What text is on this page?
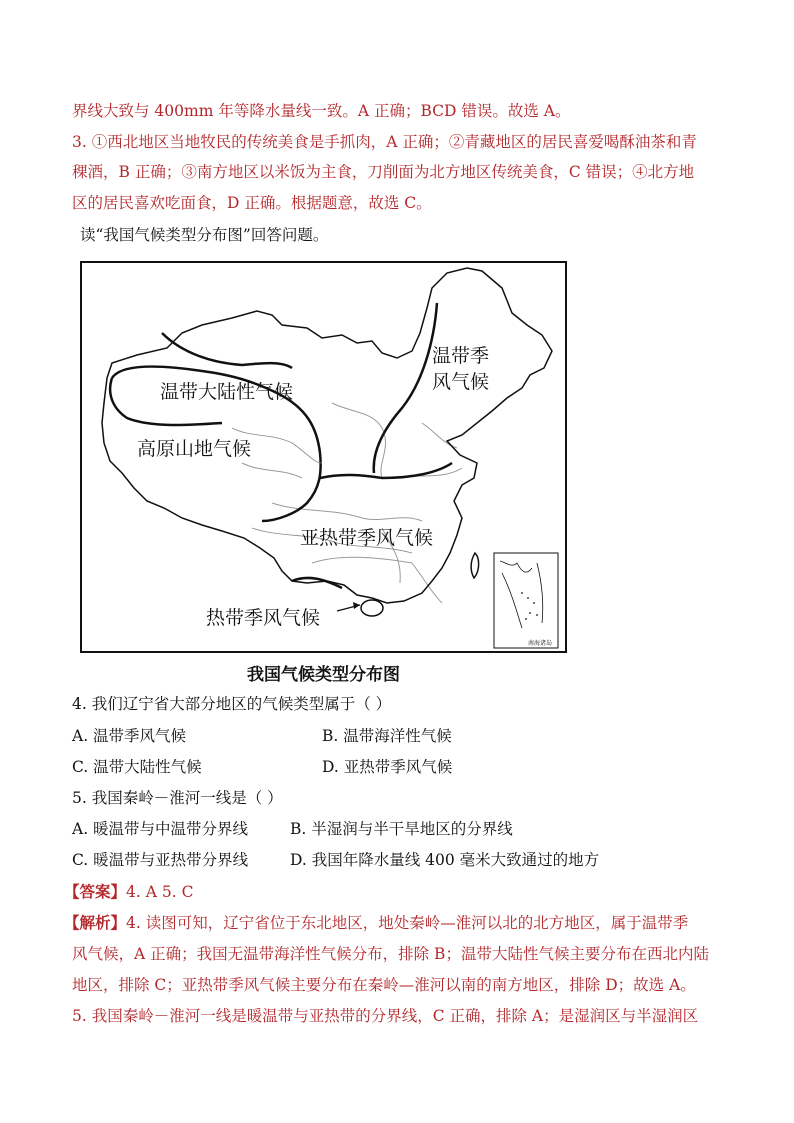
界线大致与 400mm 年等降水量线一致。A 正确；BCD 错误。故选 A。
3. ①西北地区当地牧民的传统美食是手抓肉，A 正确；②青藏地区的居民喜爱喝酥油茶和青
稞酒，B 正确；③南方地区以米饭为主食，刀削面为北方地区传统美食，C 错误；④北方地
区的居民喜欢吃面食，D 正确。根据题意，故选 C。
读“我国气候类型分布图”回答问题。
温带季
风气候
温带大陆性气候
高原山地气候
亚热带季风气候
热带季风气候
南海诸岛
我国气候类型分布图
4. 我们辽宁省大部分地区的气候类型属于（ ）
A. 温带季风气候	B. 温带海洋性气候
C. 温带大陆性气候	D. 亚热带季风气候
5. 我国秦岭－淮河一线是（ ）
A. 暖温带与中温带分界线	B. 半湿润与半干旱地区的分界线
C. 暖温带与亚热带分界线	D. 我国年降水量线 400 毫米大致通过的地方
【答案】4. A 5. C
【解析】4. 读图可知，辽宁省位于东北地区，地处秦岭—淮河以北的北方地区，属于温带季
风气候，A 正确；我国无温带海洋性气候分布，排除 B；温带大陆性气候主要分布在西北内陆
地区，排除 C；亚热带季风气候主要分布在秦岭—淮河以南的南方地区，排除 D；故选 A。
5. 我国秦岭－淮河一线是暖温带与亚热带的分界线，C 正确，排除 A；是湿润区与半湿润区
